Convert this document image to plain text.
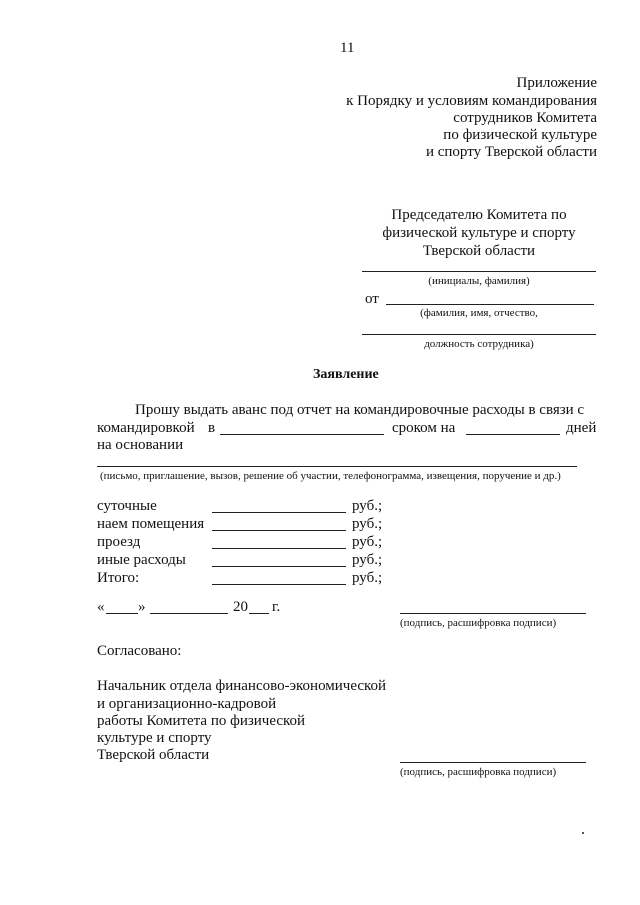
11
Приложение
к Порядку и условиям командирования
сотрудников Комитета
по физической культуре
и спорту Тверской области
Председателю Комитета по
физической культуре и спорту
Тверской области
(инициалы, фамилия)
от
(фамилия, имя, отчество,
должность сотрудника)
Заявление
Прошу выдать аванс под отчет на командировочные расходы в связи с
командировкой в	сроком на	дней
на основании
(письмо, приглашение, вызов, решение об участии, телефонограмма, извещения, поручение и др.)
суточные	руб.;
наем помещения	руб.;
проезд	руб.;
иные расходы	руб.;
Итого:	руб.;
« »	20 г.
(подпись, расшифровка подписи)
Согласовано:
Начальник отдела финансово-экономической
и организационно-кадровой
работы Комитета по физической
культуре и спорту
Тверской области
(подпись, расшифровка подписи)
